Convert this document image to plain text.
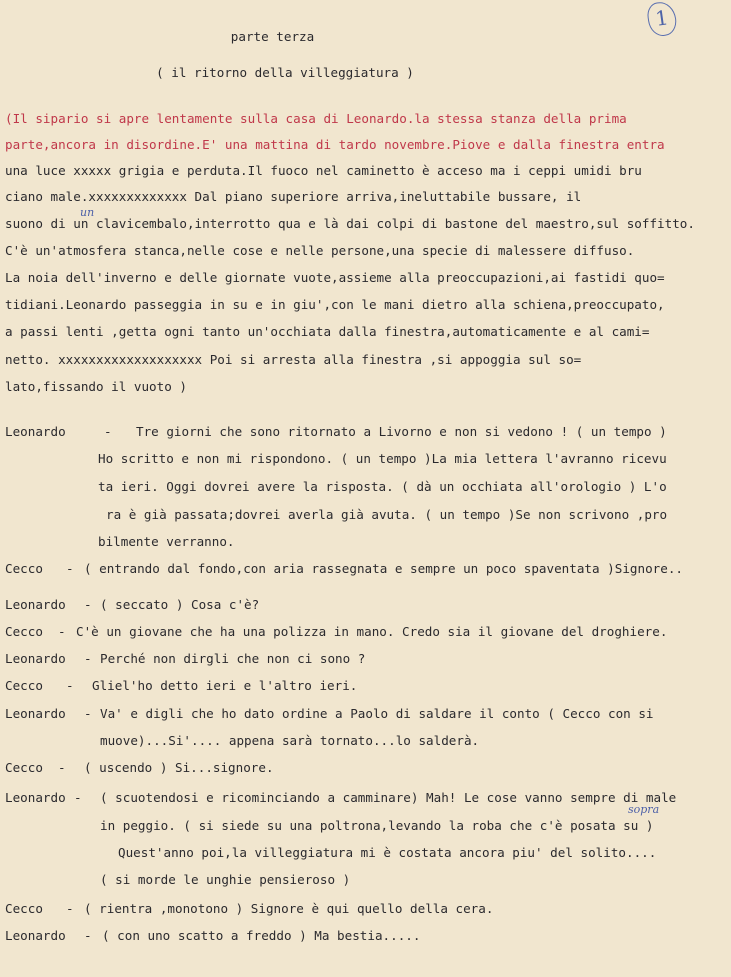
1
parte terza
( il ritorno della villeggiatura )
(Il sipario si apre lentamente sulla casa di Leonardo.la stessa stanza della prima
parte,ancora in disordine.E' una mattina di tardo novembre.Piove e dalla finestra entra
una luce xxxxx grigia e perduta.Il fuoco nel caminetto è acceso ma i ceppi umidi bru
ciano male.xxxxxxxxxxxxx Dal piano superiore arriva,ineluttabile bussare, il
un
suono di un clavicembalo,interrotto qua e là dai colpi di bastone del maestro,sul soffitto.
C'è un'atmosfera stanca,nelle cose e nelle persone,una specie di malessere diffuso.
La noia dell'inverno e delle giornate vuote,assieme alla preoccupazioni,ai fastidi quo=
tidiani.Leonardo passeggia in su e in giu',con le mani dietro alla schiena,preoccupato,
a passi lenti ,getta ogni tanto un'occhiata dalla finestra,automaticamente e al cami=
netto. xxxxxxxxxxxxxxxxxxx Poi si arresta alla finestra ,si appoggia sul so=
lato,fissando il vuoto )
Leonardo	- Tre giorni che sono ritornato a Livorno e non si vedono ! ( un tempo )
Ho scritto e non mi rispondono. ( un tempo )La mia lettera l'avranno ricevu
ta ieri. Oggi dovrei avere la risposta. ( dà un occhiata all'orologio ) L'o
ra è già passata;dovrei averla già avuta. ( un tempo )Se non scrivono ,pro
bilmente verranno.
Cecco - ( entrando dal fondo,con aria rassegnata e sempre un poco spaventata )Signore..
Leonardo - ( seccato ) Cosa c'è?
Cecco - C'è un giovane che ha una polizza in mano. Credo sia il giovane del droghiere.
Leonardo - Perché non dirgli che non ci sono ?
Cecco - Gliel'ho detto ieri e l'altro ieri.
Leonardo - Va' e digli che ho dato ordine a Paolo di saldare il conto ( Cecco con si
muove)...Si'.... appena sarà tornato...lo salderà.
Cecco - ( uscendo ) Si...signore.
Leonardo - ( scuotendosi e ricominciando a camminare) Mah! Le cose vanno sempre di male
sopra
in peggio. ( si siede su una poltrona,levando la roba che c'è posata su )
Quest'anno poi,la villeggiatura mi è costata ancora piu' del solito....
( si morde le unghie pensieroso )
Cecco - ( rientra ,monotono ) Signore è qui quello della cera.
Leonardo - ( con uno scatto a freddo ) Ma bestia.....
